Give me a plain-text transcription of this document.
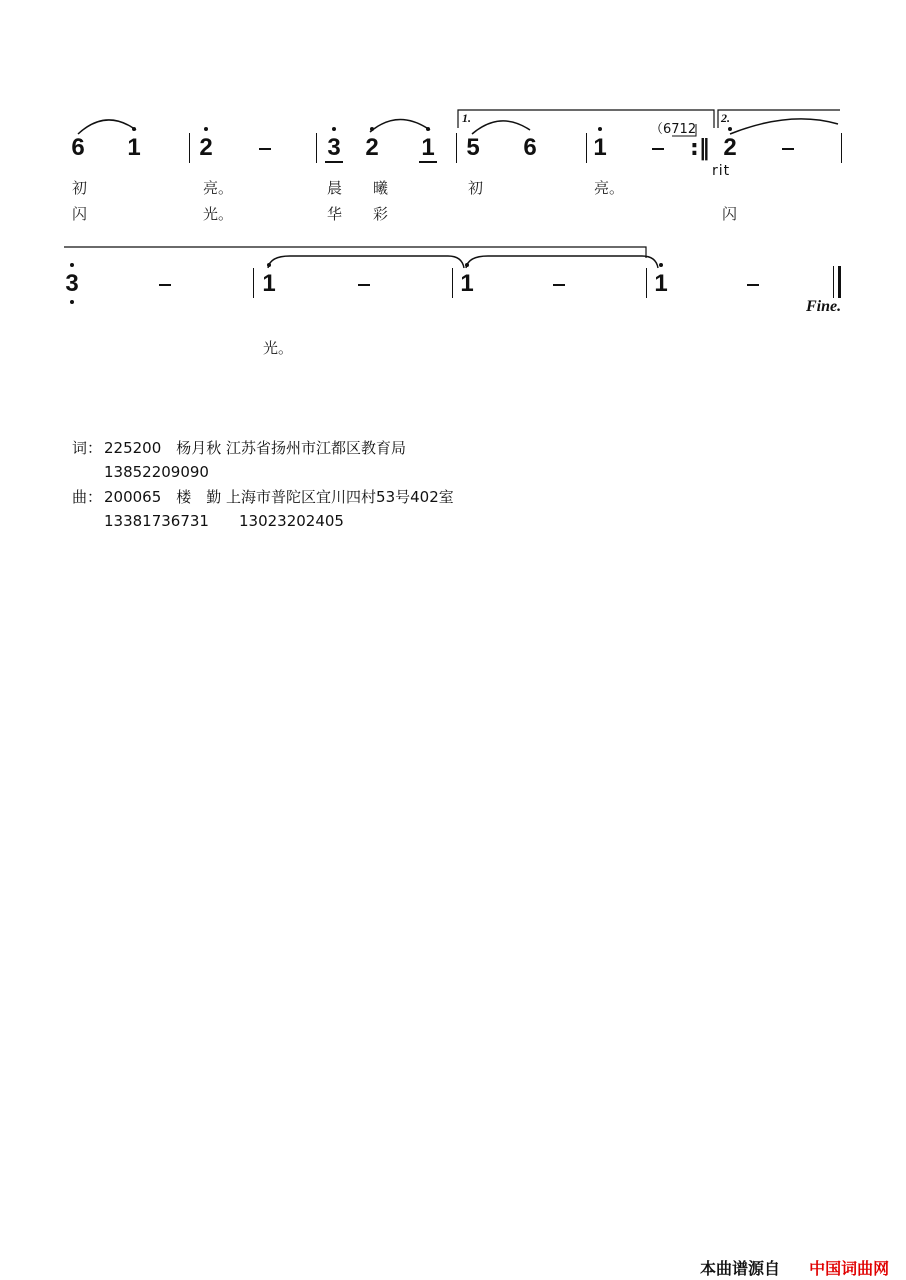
1.	2.
（6712
6 1 2	3 2 1 5 6 1	:‖ 2
rit
初	亮。	晨 曦	初	亮。
闪	光。	华 彩	闪
3	1	1	1
Fine.
光。
词： 225200　杨月秋 江苏省扬州市江都区教育局
13852209090
曲： 200065　楼　勤 上海市普陀区宜川四村53号402室
13381736731　　13023202405
本曲谱源自 中国词曲网
